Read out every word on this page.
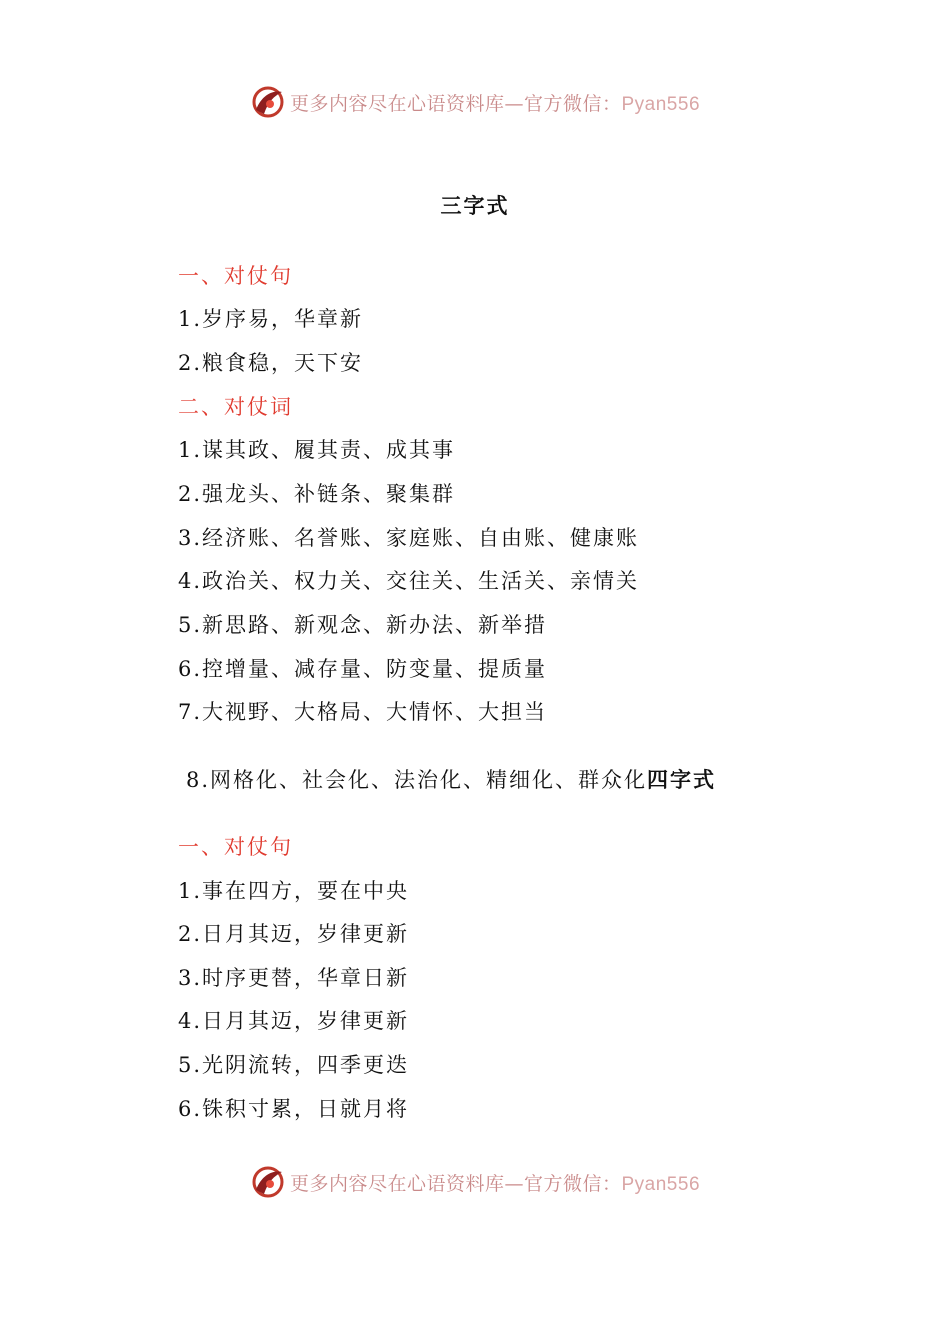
更多内容尽在心语资料库—官方微信：Pyan556
三字式
一、对仗句
1.岁序易，华章新
2.粮食稳，天下安
二、对仗词
1.谋其政、履其责、成其事
2.强龙头、补链条、聚集群
3.经济账、名誉账、家庭账、自由账、健康账
4.政治关、权力关、交往关、生活关、亲情关
5.新思路、新观念、新办法、新举措
6.控增量、减存量、防变量、提质量
7.大视野、大格局、大情怀、大担当
8.网格化、社会化、法治化、精细化、群众化四字式
一、对仗句
1.事在四方，要在中央
2.日月其迈，岁律更新
3.时序更替，华章日新
4.日月其迈，岁律更新
5.光阴流转，四季更迭
6.铢积寸累，日就月将
更多内容尽在心语资料库—官方微信：Pyan556
